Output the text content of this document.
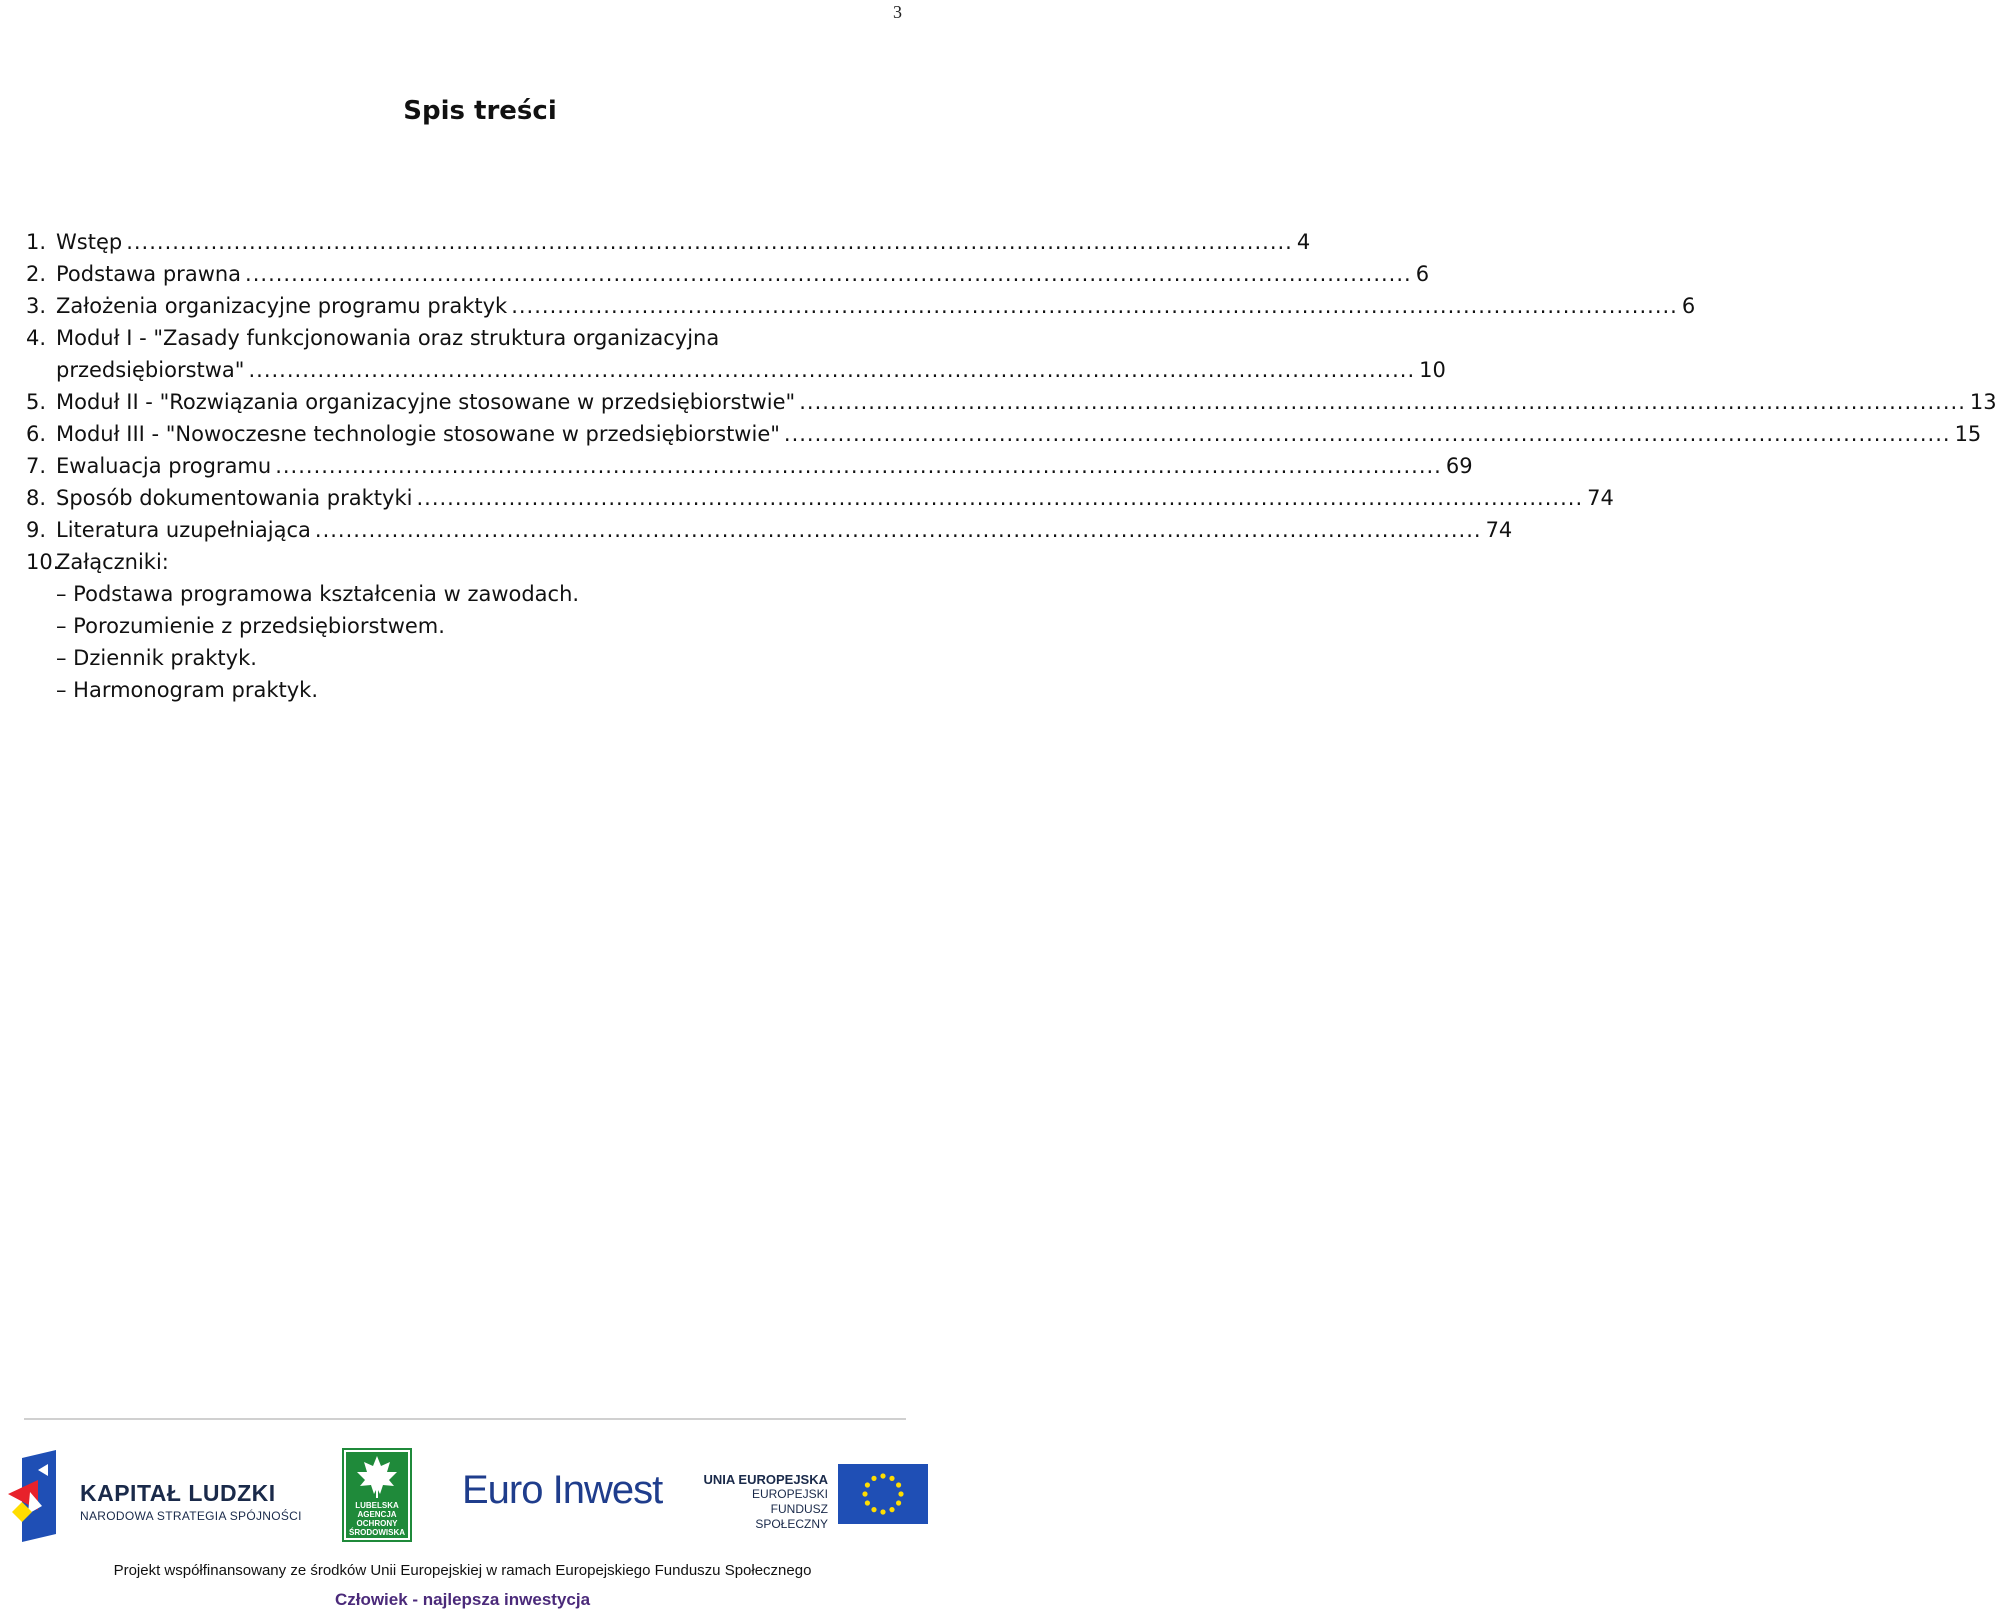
3
Spis treści
1. Wstęp ........................................................................................................................................................ 4
2. Podstawa prawna ........................................................................................................................................................ 6
3. Założenia organizacyjne programu praktyk ........................................................................................................................................................ 6
4. Moduł I - "Zasady funkcjonowania oraz struktura organizacyjna
przedsiębiorstwa" ........................................................................................................................................................ 10
5. Moduł II - "Rozwiązania organizacyjne stosowane w przedsiębiorstwie" ........................................................................................................................................................ 13
6. Moduł III - "Nowoczesne technologie stosowane w przedsiębiorstwie" ........................................................................................................................................................ 15
7. Ewaluacja programu ........................................................................................................................................................ 69
8. Sposób dokumentowania praktyki ........................................................................................................................................................ 74
9. Literatura uzupełniająca ........................................................................................................................................................ 74
10.
Załączniki:
– Podstawa programowa kształcenia w zawodach.
– Porozumienie z przedsiębiorstwem.
– Dziennik praktyk.
– Harmonogram praktyk.
KAPITAŁ LUDZKI
NARODOWA STRATEGIA SPÓJNOŚCI
LUBELSKA
AGENCJA
OCHRONY
ŚRODOWISKA
Euro Inwest	UNIA EUROPEJSKA
EUROPEJSKI
FUNDUSZ SPOŁECZNY
Projekt współfinansowany ze środków Unii Europejskiej w ramach Europejskiego Funduszu Społecznego
Człowiek - najlepsza inwestycja
